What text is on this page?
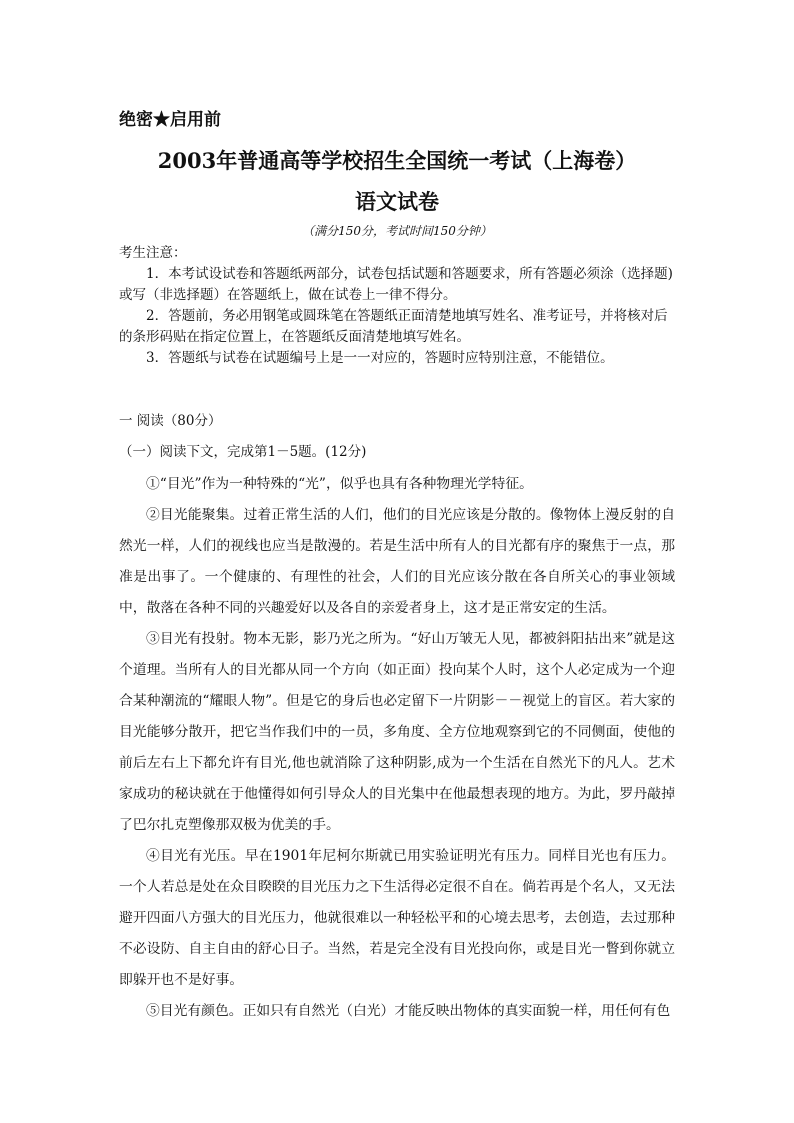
绝密★启用前
2003年普通高等学校招生全国统一考试（上海卷）
语文试卷
（满分150分，考试时间150分钟）

考生注意：

1．本考试设试卷和答题纸两部分，试卷包括试题和答题要求，所有答题必须涂（选择题)或写（非选择题）在答题纸上，做在试卷上一律不得分。

2．答题前，务必用钢笔或圆珠笔在答题纸正面清楚地填写姓名、准考证号，并将核对后的条形码贴在指定位置上，在答题纸反面清楚地填写姓名。

3．答题纸与试卷在试题编号上是一一对应的，答题时应特别注意，不能错位。

一 阅读（80分）
（一）阅读下文，完成第1－5题。(12分)

①“目光”作为一种特殊的“光”，似乎也具有各种物理光学特征。

②目光能聚集。过着正常生活的人们，他们的目光应该是分散的。像物体上漫反射的自然光一样，人们的视线也应当是散漫的。若是生活中所有人的目光都有序的聚焦于一点，那准是出事了。一个健康的、有理性的社会，人们的目光应该分散在各自所关心的事业领域中，散落在各种不同的兴趣爱好以及各自的亲爱者身上，这才是正常安定的生活。

③目光有投射。物本无影，影乃光之所为。“好山万皱无人见，都被斜阳拈出来”就是这个道理。当所有人的目光都从同一个方向（如正面）投向某个人时，这个人必定成为一个迎合某种潮流的“耀眼人物”。但是它的身后也必定留下一片阴影－－视觉上的盲区。若大家的目光能够分散开，把它当作我们中的一员，多角度、全方位地观察到它的不同侧面，使他的前后左右上下都允许有目光,他也就消除了这种阴影,成为一个生活在自然光下的凡人。艺术家成功的秘诀就在于他懂得如何引导众人的目光集中在他最想表现的地方。为此，罗丹敲掉了巴尔扎克塑像那双极为优美的手。

④目光有光压。早在1901年尼柯尔斯就已用实验证明光有压力。同样目光也有压力。一个人若总是处在众目睽睽的目光压力之下生活得必定很不自在。倘若再是个名人，又无法避开四面八方强大的目光压力，他就很难以一种轻松平和的心境去思考，去创造，去过那种不必设防、自主自由的舒心日子。当然，若是完全没有目光投向你，或是目光一瞥到你就立即躲开也不是好事。

⑤目光有颜色。正如只有自然光（白光）才能反映出物体的真实面貌一样，用任何有色
